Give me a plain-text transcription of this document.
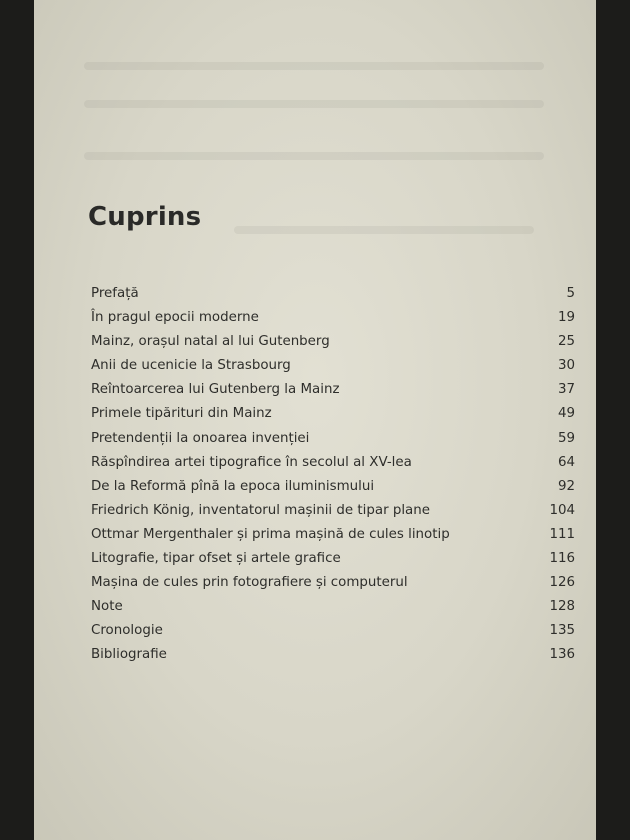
Cuprins
Prefață	5
În pragul epocii moderne	19
Mainz, orașul natal al lui Gutenberg	25
Anii de ucenicie la Strasbourg	30
Reîntoarcerea lui Gutenberg la Mainz	37
Primele tipărituri din Mainz	49
Pretendenții la onoarea invenției	59
Răspîndirea artei tipografice în secolul al XV-lea	64
De la Reformă pînă la epoca iluminismului	92
Friedrich König, inventatorul mașinii de tipar plane	104
Ottmar Mergenthaler și prima mașină de cules linotip	111
Litografie, tipar ofset și artele grafice	116
Mașina de cules prin fotografiere și computerul	126
Note	128
Cronologie	135
Bibliografie	136
